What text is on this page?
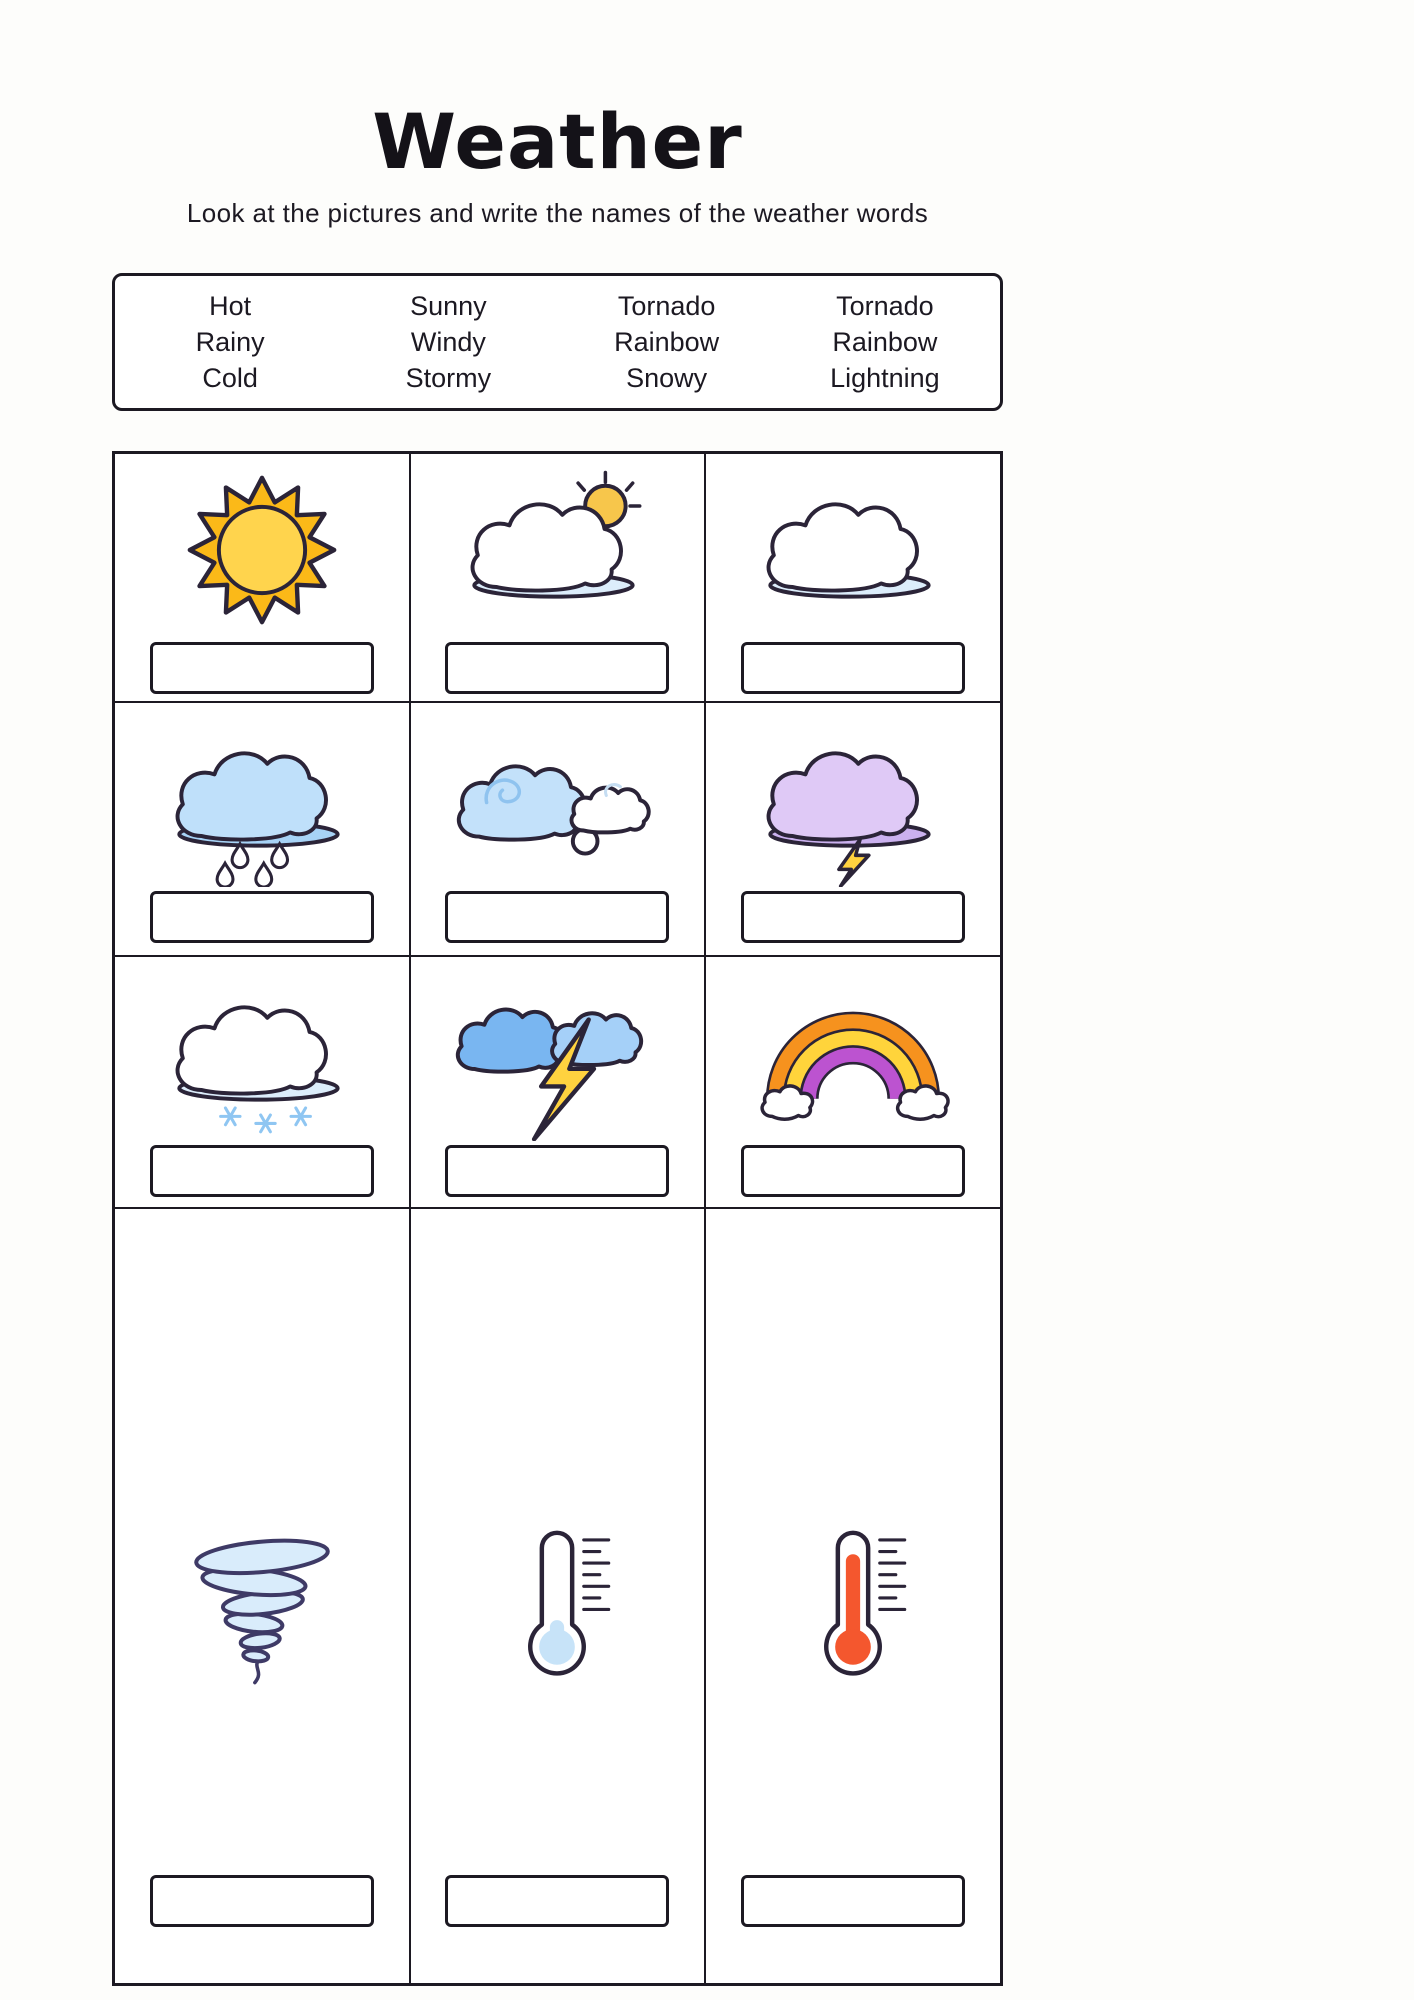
Weather

Look at the pictures and write the names of the weather words

Hot	Sunny	Tornado	Tornado
Rainy	Windy	Rainbow	Rainbow
Cold	Stormy	Snowy	Lightning
